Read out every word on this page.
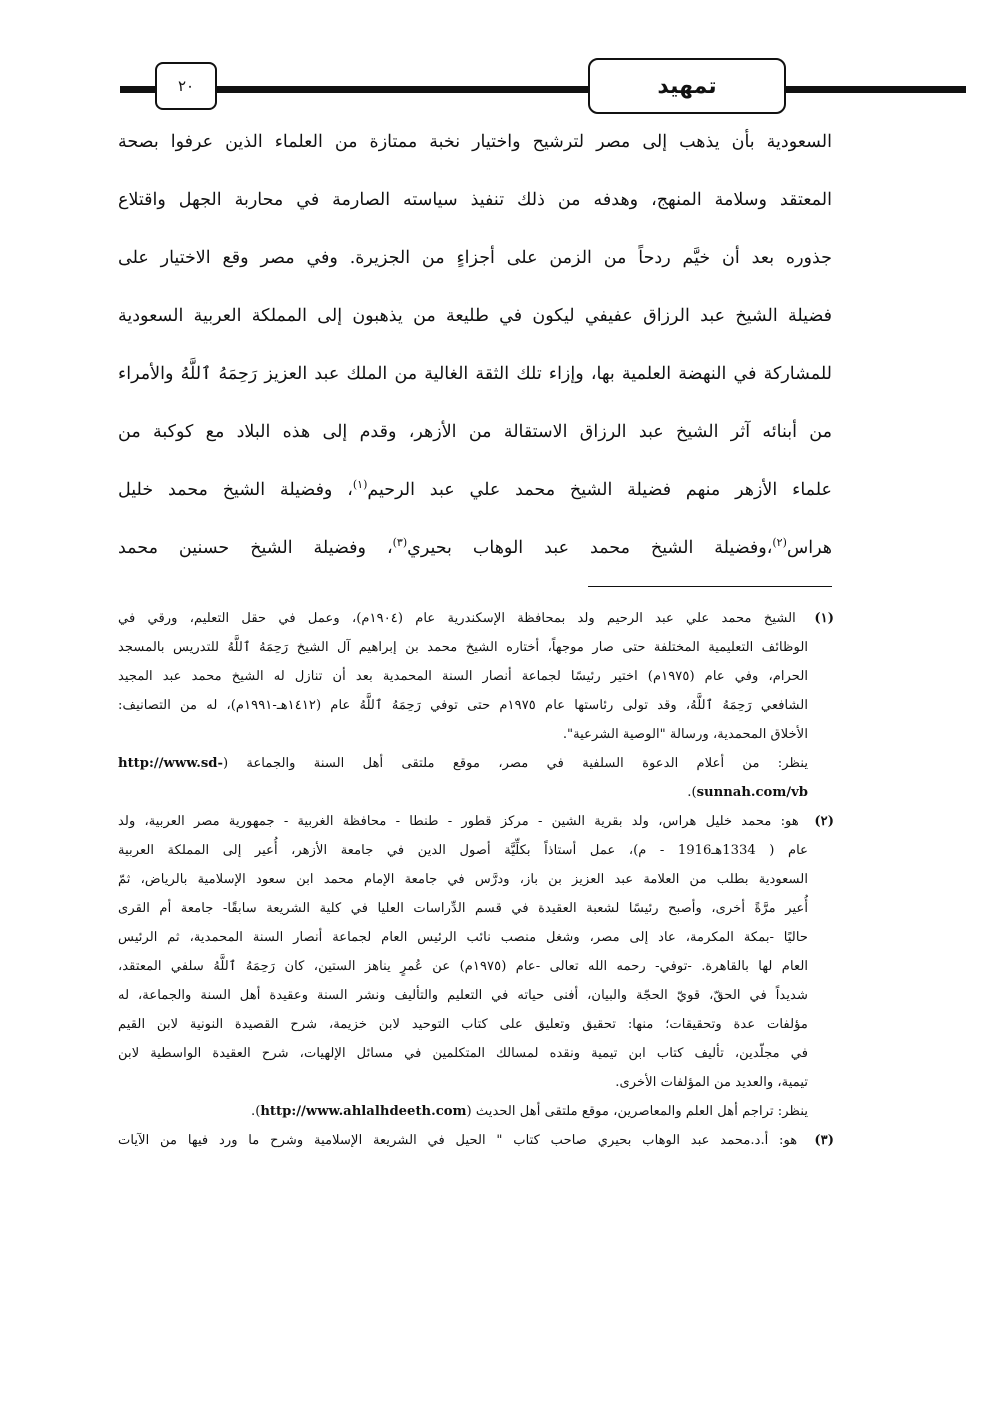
٢٠	تمهيد
السعودية بأن يذهب إلى مصر لترشيح واختيار نخبة ممتازة من العلماء الذين عرفوا بصحة
المعتقد وسلامة المنهج، وهدفه من ذلك تنفيذ سياسته الصارمة في محاربة الجهل واقتلاع
جذوره بعد أن خيَّم ردحاً من الزمن على أجزاءٍ من الجزيرة. وفي مصر وقع الاختيار على
فضيلة الشيخ عبد الرزاق عفيفي ليكون في طليعة من يذهبون إلى المملكة العربية السعودية
للمشاركة في النهضة العلمية بها، وإزاء تلك الثقة الغالية من الملك عبد العزيز رَحِمَهُ ٱللَّهُ والأمراء
من أبنائه آثر الشيخ عبد الرزاق الاستقالة من الأزهر، وقدم إلى هذه البلاد مع كوكبة من
علماء الأزهر منهم فضيلة الشيخ محمد علي عبد الرحيم$^{(١)}$، وفضيلة الشيخ محمد خليل
هراس$^{(٢)}$،وفضيلة الشيخ محمد عبد الوهاب بحيري$^{(٣)}$، وفضيلة الشيخ حسنين محمد
(١) الشيخ محمد علي عبد الرحيم ولد بمحافظة الإسكندرية عام (١٩٠٤م)، وعمل في حقل التعليم، ورقي في
الوظائف التعليمية المختلفة حتى صار موجهاً، أختاره الشيخ محمد بن إبراهيم آل الشيخ رَحِمَهُ ٱللَّهُ للتدريس بالمسجد
الحرام، وفي عام (١٩٧٥م) اختير رئيسًا لجماعة أنصار السنة المحمدية بعد أن تنازل له الشيخ محمد عبد المجيد
الشافعي رَحِمَهُ ٱللَّهُ، وقد تولى رئاستها عام ١٩٧٥م حتى توفي رَحِمَهُ ٱللَّهُ عام (١٤١٢هـ-١٩٩١م)، له من التصانيف:
الأخلاق المحمدية، ورسالة "الوصية الشرعية".
ينظر: من أعلام الدعوة السلفية في مصر، موقع ملتقى أهل السنة والجماعة (http://www.sd-
sunnah.com/vb).
(٢) هو: محمد خليل هراس، ولد بقرية الشين - مركز قطور - طنطا - محافظة الغربية - جمهورية مصر العربية، ولد
عام ( 1334هـ1916 - م)، عمل أستاذاً بكلِّيَّة أصول الدين في جامعة الأزهر، أُعير إلى المملكة العربية
السعودية بطلب من العلامة عبد العزيز بن باز، ودرَّس في جامعة الإمام محمد ابن سعود الإسلامية بالرياض، ثمّ
أُعير مرَّةً أخرى، وأصبح رئيسًا لشعبة العقيدة في قسم الدِّراسات العليا في كلية الشريعة سابقًا- جامعة أم القرى
حاليًا -بمكة المكرمة، عاد إلى مصر، وشغل منصب نائب الرئيس العام لجماعة أنصار السنة المحمدية، ثم الرئيس
العام لها بالقاهرة. -توفي- رحمه الله تعالى -عام (١٩٧٥م) عن عُمرٍ يناهز الستين، كان رَحِمَهُ ٱللَّهُ سلفي المعتقد،
شديداً في الحقّ، قويّ الحجّة والبيان، أفنى حياته في التعليم والتأليف ونشر السنة وعقيدة أهل السنة والجماعة، له
مؤلفات عدة وتحقيقات؛ منها: تحقيق وتعليق على كتاب التوحيد لابن خزيمة، شرح القصيدة النونية لابن القيم
في مجلّدين، تأليف كتاب ابن تيمية ونقده لمسالك المتكلمين في مسائل الإلهيات، شرح العقيدة الواسطية لابن
تيمية، والعديد من المؤلفات الأخرى.
ينظر: تراجم أهل العلم والمعاصرين، موقع ملتقى أهل الحديث (http://www.ahlalhdeeth.com).
(٣) هو: أ.د.محمد عبد الوهاب بحيري صاحب كتاب " الحيل في الشريعة الإسلامية وشرح ما ورد فيها من الآيات
